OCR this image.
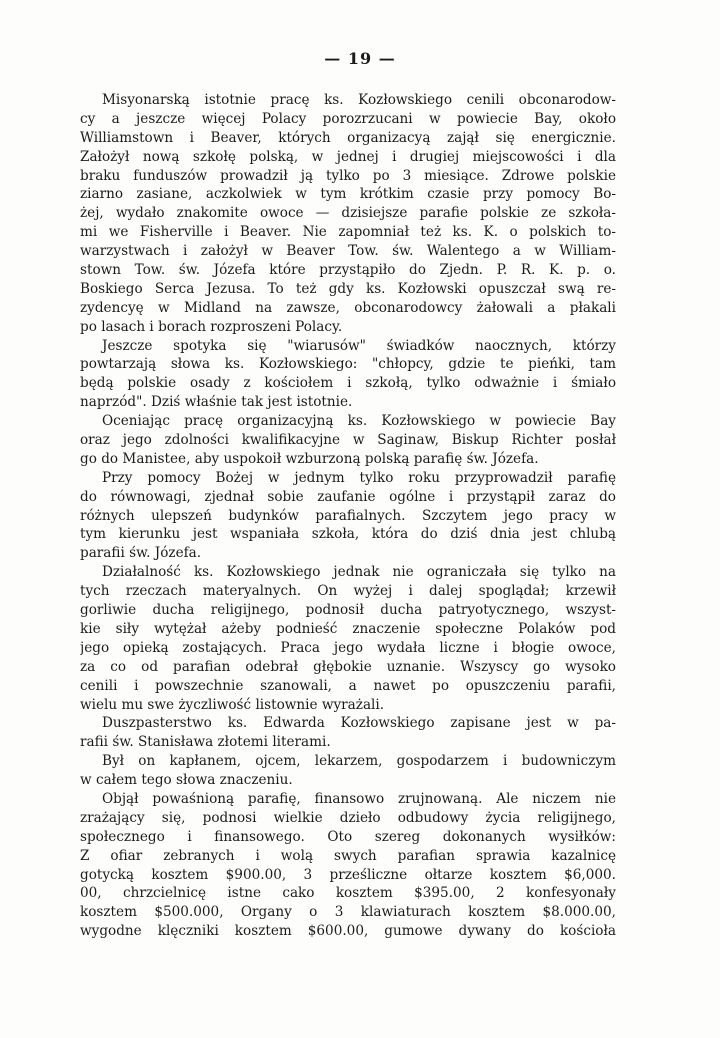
— 19 —
Misyonarską istotnie pracę ks. Kozłowskiego cenili obconarodow-
cy a jeszcze więcej Polacy porozrzucani w powiecie Bay, około
Williamstown i Beaver, których organizacyą zajął się energicznie.
Założył nową szkołę polską, w jednej i drugiej miejscowości i dla
braku funduszów prowadził ją tylko po 3 miesiące. Zdrowe polskie
ziarno zasiane, aczkolwiek w tym krótkim czasie przy pomocy Bo-
żej, wydało znakomite owoce — dzisiejsze parafie polskie ze szkoła-
mi we Fisherville i Beaver. Nie zapomniał też ks. K. o polskich to-
warzystwach i założył w Beaver Tow. św. Walentego a w William-
stown Tow. św. Józefa które przystąpiło do Zjedn. P. R. K. p. o.
Boskiego Serca Jezusa. To też gdy ks. Kozłowski opuszczał swą re-
zydencyę w Midland na zawsze, obconarodowcy żałowali a płakali
po lasach i borach rozproszeni Polacy.
Jeszcze spotyka się "wiarusów" świadków naocznych, którzy
powtarzają słowa ks. Kozłowskiego: "chłopcy, gdzie te pieńki, tam
będą polskie osady z kościołem i szkołą, tylko odważnie i śmiało
naprzód". Dziś właśnie tak jest istotnie.
Oceniając pracę organizacyjną ks. Kozłowskiego w powiecie Bay
oraz jego zdolności kwalifikacyjne w Saginaw, Biskup Richter posłał
go do Manistee, aby uspokoił wzburzoną polską parafię św. Józefa.
Przy pomocy Bożej w jednym tylko roku przyprowadził parafię
do równowagi, zjednał sobie zaufanie ogólne i przystąpił zaraz do
różnych ulepszeń budynków parafialnych. Szczytem jego pracy w
tym kierunku jest wspaniała szkoła, która do dziś dnia jest chlubą
parafii św. Józefa.
Działalność ks. Kozłowskiego jednak nie ograniczała się tylko na
tych rzeczach materyalnych. On wyżej i dalej spoglądał; krzewił
gorliwie ducha religijnego, podnosił ducha patryotycznego, wszyst-
kie siły wytężał ażeby podnieść znaczenie społeczne Polaków pod
jego opieką zostających. Praca jego wydała liczne i błogie owoce,
za co od parafian odebrał głębokie uznanie. Wszyscy go wysoko
cenili i powszechnie szanowali, a nawet po opuszczeniu parafii,
wielu mu swe życzliwość listownie wyrażali.
Duszpasterstwo ks. Edwarda Kozłowskiego zapisane jest w pa-
rafii św. Stanisława złotemi literami.
Był on kapłanem, ojcem, lekarzem, gospodarzem i budowniczym
w całem tego słowa znaczeniu.
Objął powaśnioną parafię, finansowo zrujnowaną. Ale niczem nie
zrażający się, podnosi wielkie dzieło odbudowy życia religijnego,
społecznego i finansowego. Oto szereg dokonanych wysiłków:
Z ofiar zebranych i wolą swych parafian sprawia kazalnicę
gotycką kosztem $900.00, 3 prześliczne ołtarze kosztem $6,000.
00, chrzcielnicę istne cako kosztem $395.00, 2 konfesyonały
kosztem $500.000, Organy o 3 klawiaturach kosztem $8.000.00,
wygodne klęczniki kosztem $600.00, gumowe dywany do kościoła
